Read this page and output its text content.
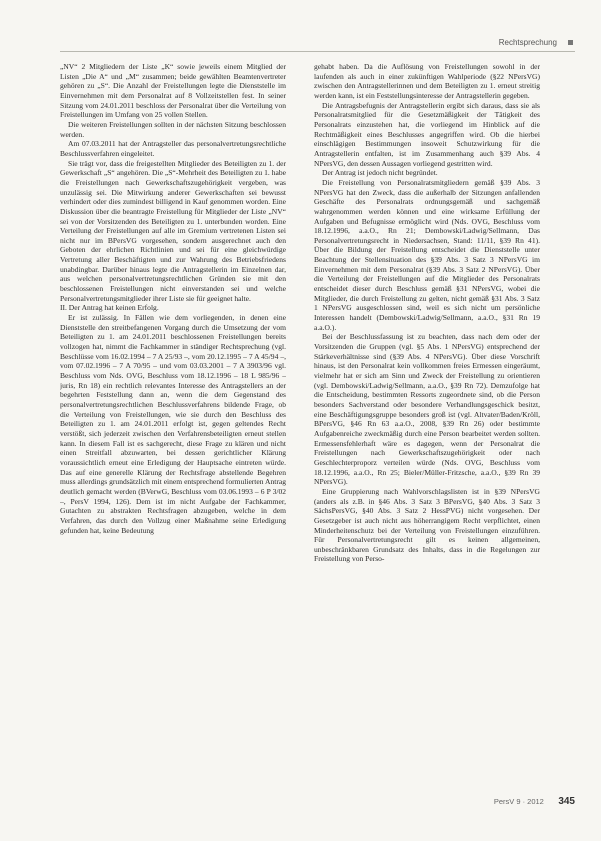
Rechtsprechung

„NV“ 2 Mitgliedern der Liste „K“ sowie jeweils einem Mitglied der Listen „Die A“ und „M“ zusammen; beide gewählten Beamtenvertreter gehören zu „S“. Die Anzahl der Freistellungen legte die Dienststelle im Einvernehmen mit dem Personalrat auf 8 Vollzeitstellen fest. In seiner Sitzung vom 24.01.2011 beschloss der Personalrat über die Verteilung von Freistellungen im Umfang von 25 vollen Stellen.

Die weiteren Freistellungen sollten in der nächsten Sitzung beschlossen werden.

Am 07.03.2011 hat der Antragsteller das personalvertretungsrechtliche Beschlussverfahren eingeleitet.

Sie trägt vor, dass die freigestellten Mitglieder des Beteiligten zu 1. der Gewerkschaft „S“ angehören. Die „S“-Mehrheit des Beteiligten zu 1. habe die Freistellungen nach Gewerkschaftszugehörigkeit vergeben, was unzulässig sei. Die Mitwirkung anderer Gewerkschaften sei bewusst verhindert oder dies zumindest billigend in Kauf genommen worden. Eine Diskussion über die beantragte Freistellung für Mitglieder der Liste „NV“ sei von der Vorsitzenden des Beteiligten zu 1. unterbunden worden. Eine Verteilung der Freistellungen auf alle im Gremium vertretenen Listen sei nicht nur im BPersVG vorgesehen, sondern ausgerechnet auch den Geboten der ehrlichen Richtlinien und sei für eine gleichwürdige Vertretung aller Beschäftigten und zur Wahrung des Betriebsfriedens unabdingbar. Darüber hinaus legte die Antragstellerin im Einzelnen dar, aus welchen personalvertretungsrechtlichen Gründen sie mit den beschlossenen Freistellungen nicht einverstanden sei und welche Personalvertretungsmitglieder ihrer Liste sie für geeignet halte.

II. Der Antrag hat keinen Erfolg.

Er ist zulässig. In Fällen wie dem vorliegenden, in denen eine Dienststelle den streitbefangenen Vorgang durch die Umsetzung der vom Beteiligten zu 1. am 24.01.2011 beschlossenen Freistellungen bereits vollzogen hat, nimmt die Fachkammer in ständiger Rechtsprechung (vgl. Beschlüsse vom 16.02.1994 – 7 A 25/93 –, vom 20.12.1995 – 7 A 45/94 –, vom 07.02.1996 – 7 A 70/95 – und vom 03.03.2001 – 7 A 3903/96 vgl. Beschluss vom Nds. OVG, Beschluss vom 18.12.1996 – 18 L 985/96 – juris, Rn 18) ein rechtlich relevantes Interesse des Antragstellers an der begehrten Feststellung dann an, wenn die dem Gegenstand des personalvertretungsrechtlichen Beschlussverfahrens bildende Frage, ob die Verteilung von Freistellungen, wie sie durch den Beschluss des Beteiligten zu 1. am 24.01.2011 erfolgt ist, gegen geltendes Recht verstößt, sich jederzeit zwischen den Verfahrensbeteiligten erneut stellen kann. In diesem Fall ist es sachgerecht, diese Frage zu klären und nicht einen Streitfall abzuwarten, bei dessen gerichtlicher Klärung voraussichtlich erneut eine Erledigung der Hauptsache eintreten würde. Das auf eine generelle Klärung der Rechtsfrage abstellende Begehren muss allerdings grundsätzlich mit einem entsprechend formulierten Antrag deutlich gemacht werden (BVerwG, Beschluss vom 03.06.1993 – 6 P 3/02 –, PersV 1994, 126). Dem ist im nicht Aufgabe der Fachkammer, Gutachten zu abstrakten Rechtsfragen abzugeben, welche in dem Verfahren, das durch den Vollzug einer Maßnahme seine Erledigung gefunden hat, keine Bedeutung

gehabt haben. Da die Auflösung von Freistellungen sowohl in der laufenden als auch in einer zukünftigen Wahlperiode (§22 NPersVG) zwischen den Antragstellerinnen und dem Beteiligten zu 1. erneut streitig werden kann, ist ein Feststellungsinteresse der Antragstellerin gegeben.

Die Antragsbefugnis der Antragstellerin ergibt sich daraus, dass sie als Personalratsmitglied für die Gesetzmäßigkeit der Tätigkeit des Personalrats einzustehen hat, die vorliegend im Hinblick auf die Rechtmäßigkeit eines Beschlusses angegriffen wird. Ob die hierbei einschlägigen Bestimmungen insoweit Schutzwirkung für die Antragstellerin entfalten, ist im Zusammenhang auch §39 Abs. 4 NPersVG, den dessen Aussagen vorliegend gestritten wird.

Der Antrag ist jedoch nicht begründet.

Die Freistellung von Personalratsmitgliedern gemäß §39 Abs. 3 NPersVG hat den Zweck, dass die außerhalb der Sitzungen anfallenden Geschäfte des Personalrats ordnungsgemäß und sachgemäß wahrgenommen werden können und eine wirksame Erfüllung der Aufgaben und Befugnisse ermöglicht wird (Nds. OVG, Beschluss vom 18.12.1996, a.a.O., Rn 21; Dembowski/Ladwig/Sellmann, Das Personalvertretungsrecht in Niedersachsen, Stand: 11/11, §39 Rn 41). Über die Bildung der Freistellung entscheidet die Dienststelle unter Beachtung der Stellensituation des §39 Abs. 3 Satz 3 NPersVG im Einvernehmen mit dem Personalrat (§39 Abs. 3 Satz 2 NPersVG). Über die Verteilung der Freistellungen auf die Mitglieder des Personalrats entscheidet dieser durch Beschluss gemäß §31 NPersVG, wobei die Mitglieder, die durch Freistellung zu gelten, nicht gemäß §31 Abs. 3 Satz 1 NPersVG ausgeschlossen sind, weil es sich nicht um persönliche Interessen handelt (Dembowski/Ladwig/Sellmann, a.a.O., §31 Rn 19 a.a.O.).

Bei der Beschlussfassung ist zu beachten, dass nach dem oder der Vorsitzenden die Gruppen (vgl. §5 Abs. 1 NPersVG) entsprechend der Stärkeverhältnisse sind (§39 Abs. 4 NPersVG). Über diese Vorschrift hinaus, ist den Personalrat kein vollkommen freies Ermessen eingeräumt, vielmehr hat er sich am Sinn und Zweck der Freistellung zu orientieren (vgl. Dembowski/Ladwig/Sellmann, a.a.O., §39 Rn 72). Demzufolge hat die Entscheidung, bestimmten Ressorts zugeordnete sind, ob die Person besonders Sachverstand oder besondere Verhandlungsgeschick besitzt, eine Beschäftigungsgruppe besonders groß ist (vgl. Altvater/Baden/Kröll, BPersVG, §46 Rn 63 a.a.O., 2008, §39 Rn 26) oder bestimmte Aufgabenreiche zweckmäßig durch eine Person bearbeitet werden sollten. Ermessensfehlerhaft wäre es dagegen, wenn der Personalrat die Freistellungen nach Gewerkschaftszugehörigkeit oder nach Geschlechterproporz verteilen würde (Nds. OVG, Beschluss vom 18.12.1996, a.a.O., Rn 25; Bieler/Müller-Fritzsche, a.a.O., §39 Rn 39 NPersVG).

Eine Gruppierung nach Wahlvorschlagslisten ist in §39 NPersVG (anders als z.B. in §46 Abs. 3 Satz 3 BPersVG, §40 Abs. 3 Satz 3 SächsPersVG, §40 Abs. 3 Satz 2 HessPVG) nicht vorgesehen. Der Gesetzgeber ist auch nicht aus höherrangigem Recht verpflichtet, einen Minderheitenschutz bei der Verteilung von Freistellungen einzuführen. Für Personalvertretungsrecht gilt es keinen allgemeinen, unbeschränkbaren Grundsatz des Inhalts, dass in die Regelungen zur Freistellung von Perso-

PersV 9 · 2012 345
